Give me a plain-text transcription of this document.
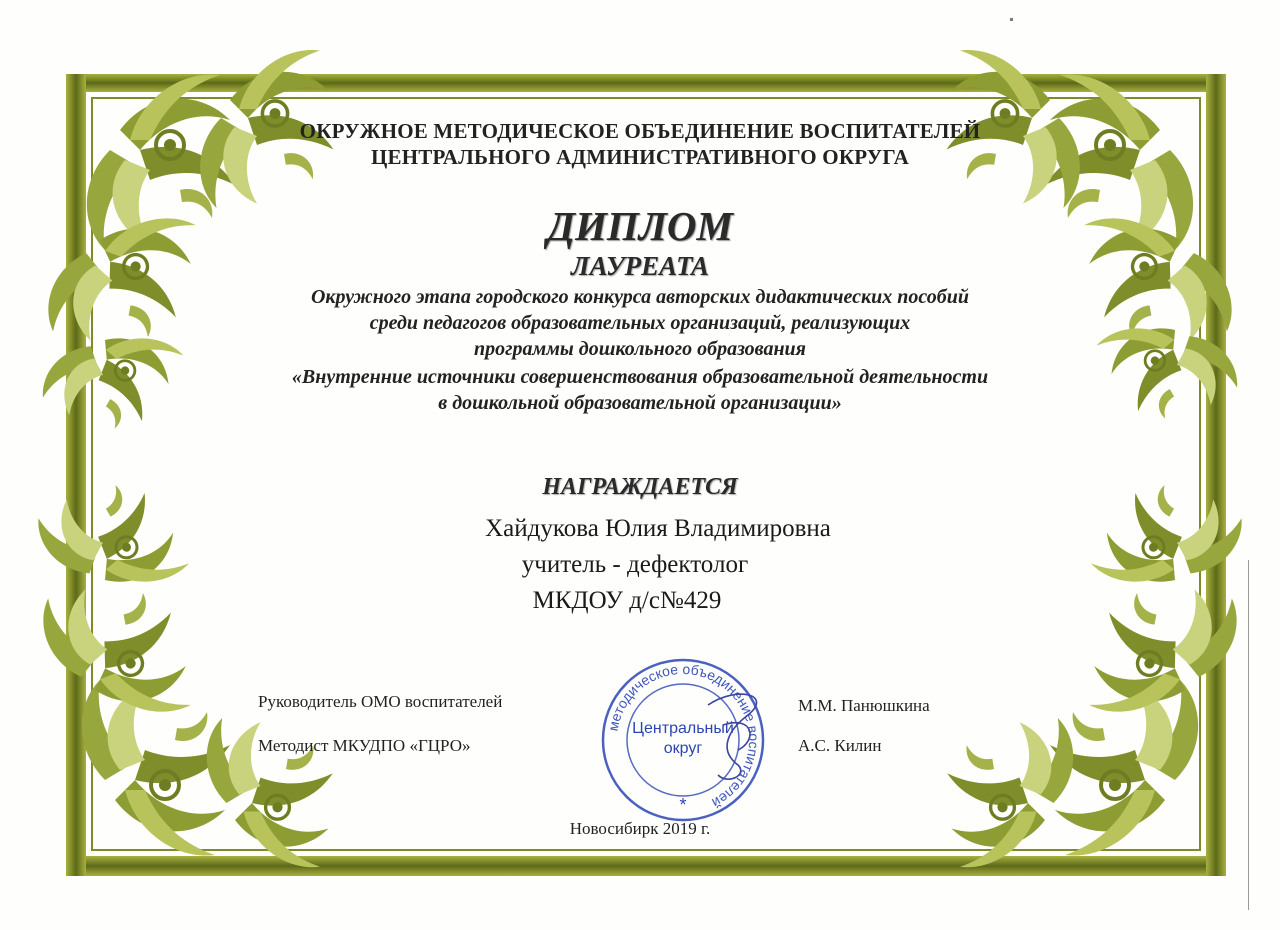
ОКРУЖНОЕ МЕТОДИЧЕСКОЕ ОБЪЕДИНЕНИЕ ВОСПИТАТЕЛЕЙ
ЦЕНТРАЛЬНОГО АДМИНИСТРАТИВНОГО ОКРУГА
ДИПЛОМ
ЛАУРЕАТА
Окружного этапа городского конкурса авторских дидактических пособий
среди педагогов образовательных организаций, реализующих
программы дошкольного образования
«Внутренние источники совершенствования образовательной деятельности
в дошкольной образовательной организации»
НАГРАЖДАЕТСЯ
Хайдукова Юлия Владимировна
учитель - дефектолог
МКДОУ д/с№429
Руководитель ОМО воспитателей	М.М. Панюшкина
Методист МКУДПО «ГЦРО»	А.С. Килин
методическое объединение воспитателей
Центральный
округ
*
Новосибирк 2019 г.
